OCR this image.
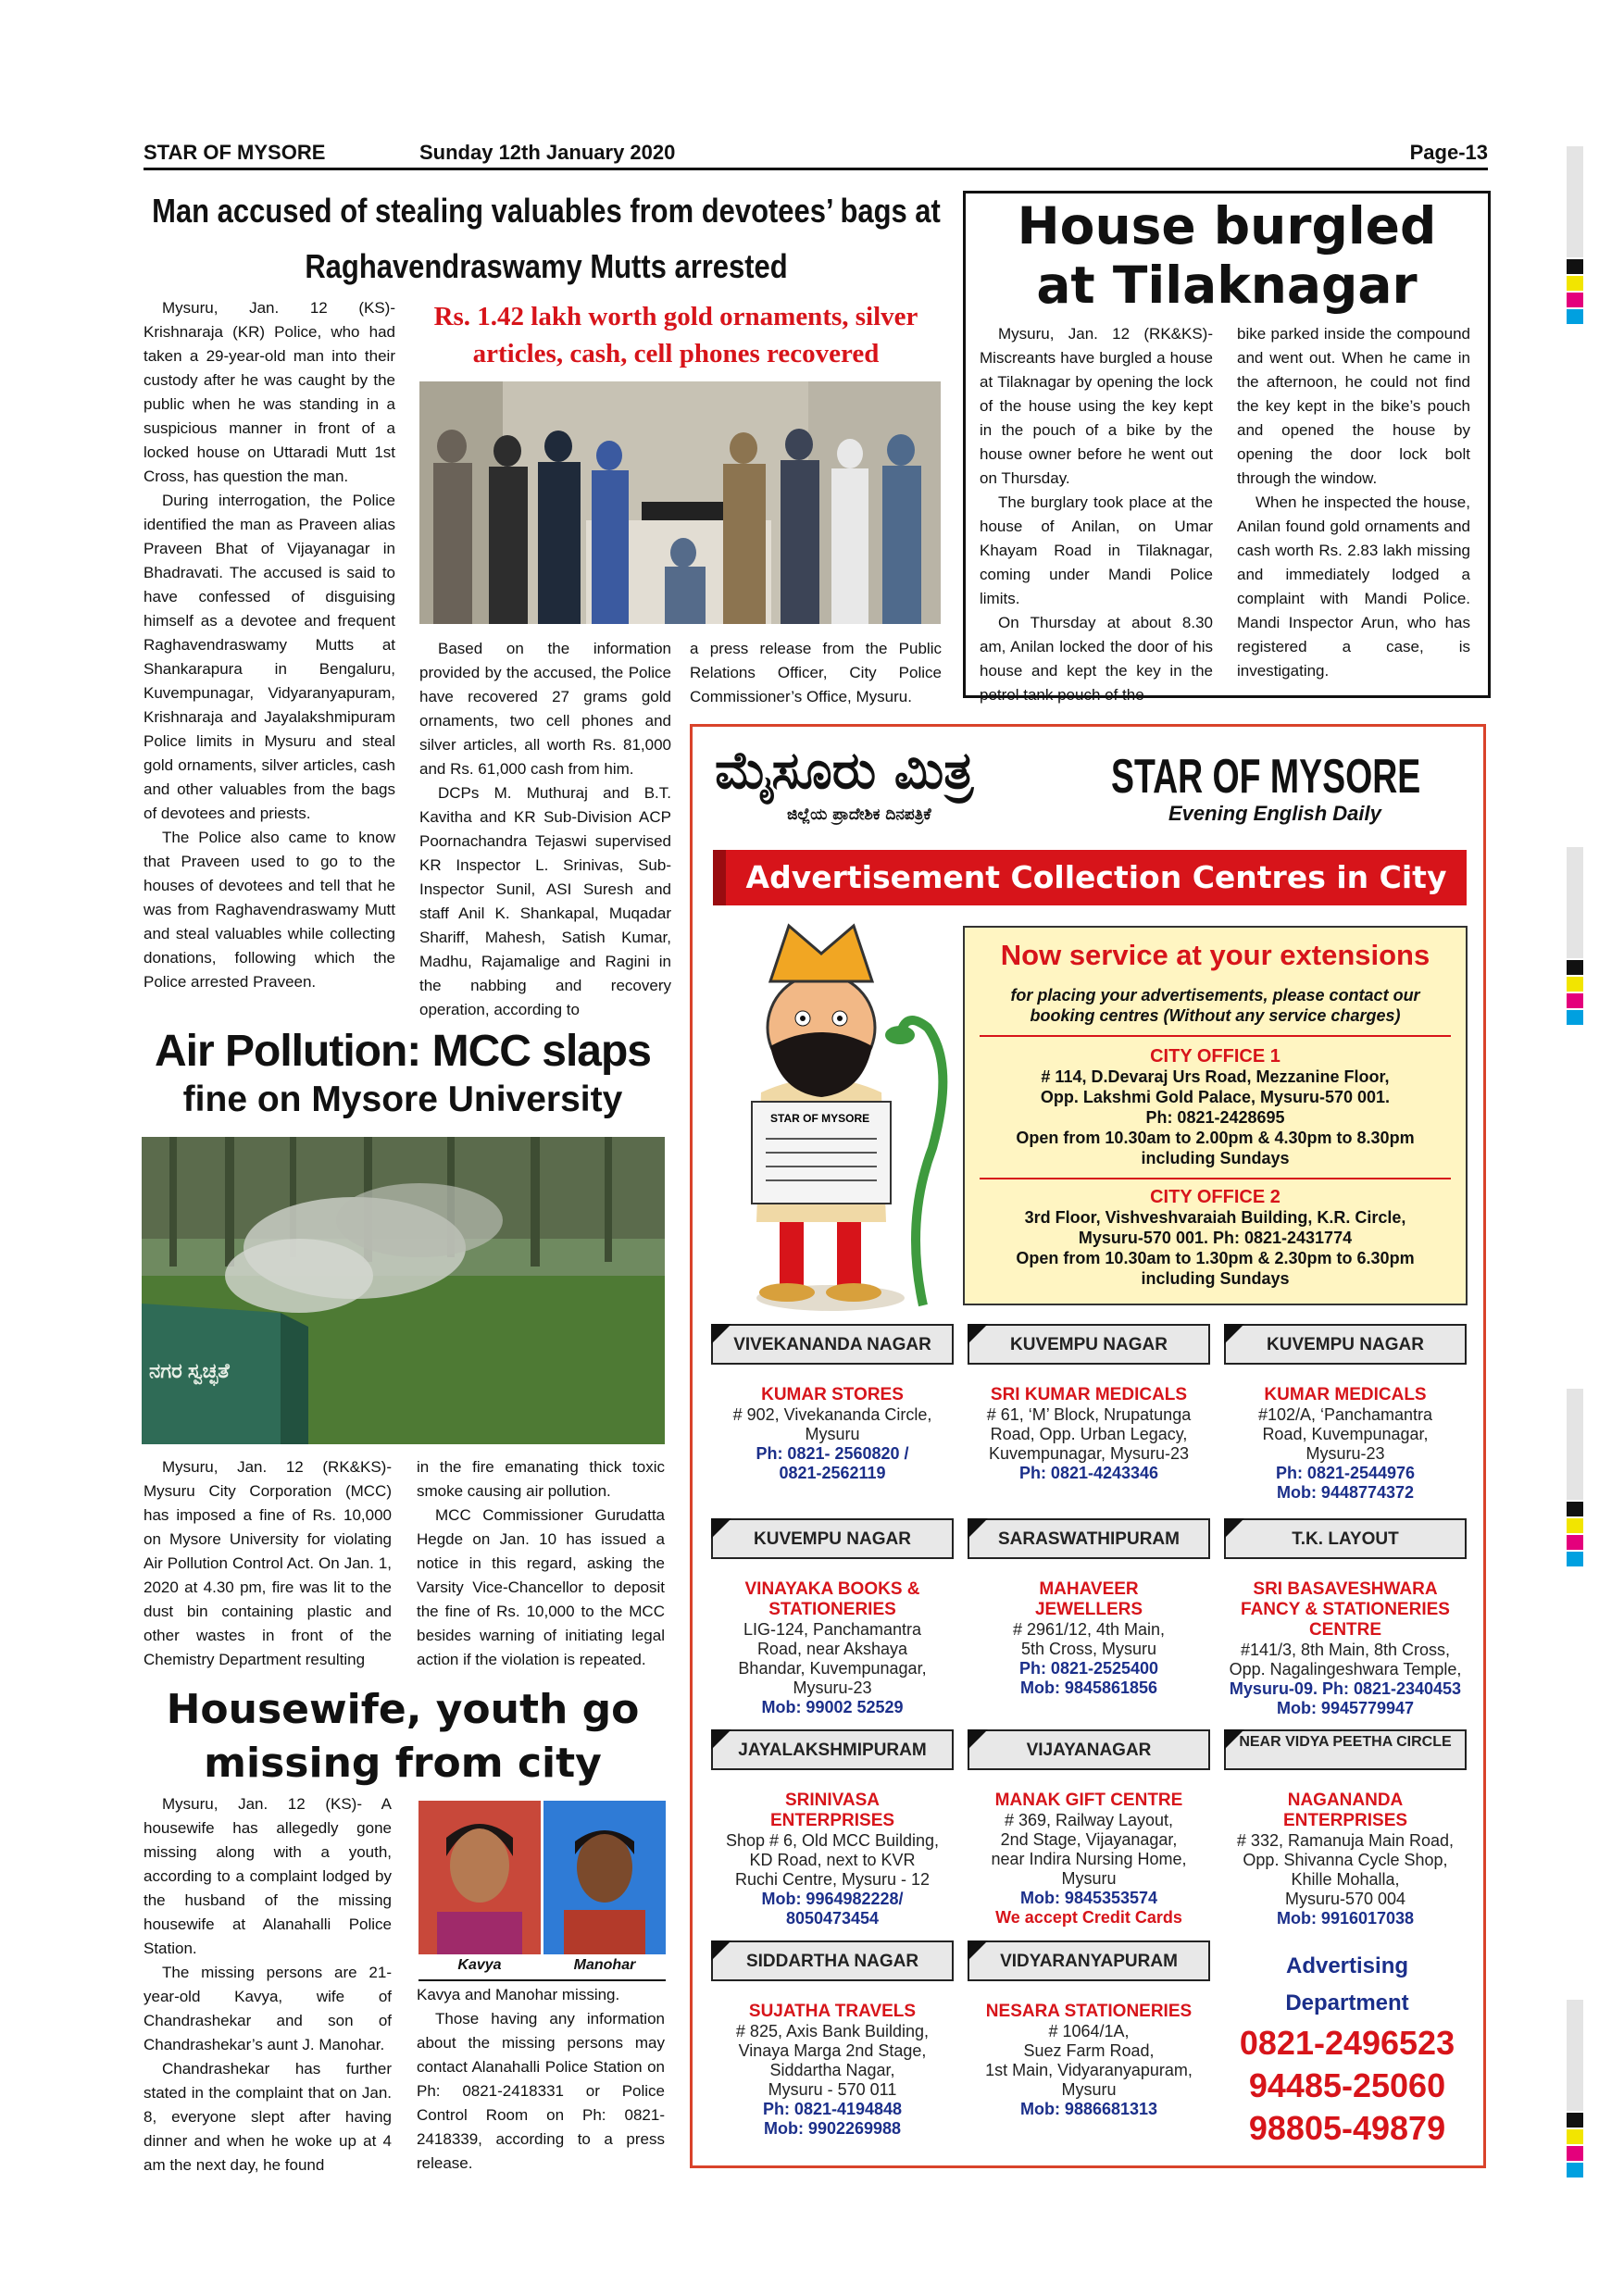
STAR OF MYSORE	Sunday 12th January 2020	Page-13
Man accused of stealing valuables from devotees’ bags at Raghavendraswamy Mutts arrested
Rs. 1.42 lakh worth gold ornaments, silver articles, cash, cell phones recovered

Mysuru, Jan. 12 (KS)- Krishnaraja (KR) Police, who had taken a 29-year-old man into their custody after he was caught by the public when he was standing in a suspicious manner in front of a locked house on Uttaradi Mutt 1st Cross, has question the man.

During interrogation, the Police identified the man as Praveen alias Praveen Bhat of Vijayanagar in Bhadravati. The accused is said to have confessed of disguising himself as a devotee and frequent Raghavendraswamy Mutts at Shankarapura in Bengaluru, Kuvempunagar, Vidyaranyapuram, Krishnaraja and Jayalakshmipuram Police limits in Mysuru and steal gold ornaments, silver articles, cash and other valuables from the bags of devotees and priests.

The Police also came to know that Praveen used to go to the houses of devotees and tell that he was from Raghavendraswamy Mutt and steal valuables while collecting donations, following which the Police arrested Praveen.

Based on the information provided by the accused, the Police have recovered 27 grams gold ornaments, two cell phones and silver articles, all worth Rs. 81,000 and Rs. 61,000 cash from him.

DCPs M. Muthuraj and B.T. Kavitha and KR Sub-Division ACP Poornachandra Tejaswi supervised KR Inspector L. Srinivas, Sub-Inspector Sunil, ASI Suresh and staff Anil K. Shankapal, Muqadar Shariff, Mahesh, Satish Kumar, Madhu, Rajamalige and Ragini in the nabbing and recovery operation, according to

a press release from the Public Relations Officer, City Police Commissioner’s Office, Mysuru.

House burgled at Tilaknagar

Mysuru, Jan. 12 (RK&KS)- Miscreants have burgled a house at Tilaknagar by opening the lock of the house using the key kept in the pouch of a bike by the house owner before he went out on Thursday.

The burglary took place at the house of Anilan, on Umar Khayam Road in Tilaknagar, coming under Mandi Police limits.

On Thursday at about 8.30 am, Anilan locked the door of his house and kept the key in the petrol tank pouch of the

bike parked inside the compound and went out. When he came in the afternoon, he could not find the key kept in the bike’s pouch and opened the house by opening the door lock bolt through the window.

When he inspected the house, Anilan found gold ornaments and cash worth Rs. 2.83 lakh missing and immediately lodged a complaint with Mandi Police. Mandi Inspector Arun, who has registered a case, is investigating.

Air Pollution: MCC slaps
fine on Mysore University
ನಗರ ಸ್ವಚ್ಛತೆ

Mysuru, Jan. 12 (RK&KS)- Mysuru City Corporation (MCC) has imposed a fine of Rs. 10,000 on Mysore University for violating Air Pollution Control Act. On Jan. 1, 2020 at 4.30 pm, fire was lit to the dust bin containing plastic and other wastes in front of the Chemistry Department resulting

in the fire emanating thick toxic smoke causing air pollution.

MCC Commissioner Gurudatta Hegde on Jan. 10 has issued a notice in this regard, asking the Varsity Vice-Chancellor to deposit the fine of Rs. 10,000 to the MCC besides warning of initiating legal action if the violation is repeated.

Housewife, youth go missing from city

Mysuru, Jan. 12 (KS)- A housewife has allegedly gone missing along with a youth, according to a complaint lodged by the husband of the missing housewife at Alanahalli Police Station.

The missing persons are 21-year-old Kavya, wife of Chandrashekar and son of Chandrashekar’s aunt J. Manohar.

Chandrashekar has further stated in the complaint that on Jan. 8, everyone slept after having dinner and when he woke up at 4 am the next day, he found

Kavya	Manohar

Kavya and Manohar missing.

Those having any information about the missing persons may contact Alanahalli Police Station on Ph: 0821-2418331 or Police Control Room on Ph: 0821-2418339, according to a press release.

ಮೈಸೂರು ಮಿತ್ರ
ಜಿಲ್ಲೆಯ ಪ್ರಾದೇಶಿಕ ದಿನಪತ್ರಿಕೆ
STAR OF MYSORE
Evening English Daily
Advertisement Collection Centres in City
STAR OF MYSORE
Now service at your extensions
for placing your advertisements, please contact our
booking centres (Without any service charges)
CITY OFFICE 1
# 114, D.Devaraj Urs Road, Mezzanine Floor,
Opp. Lakshmi Gold Palace, Mysuru-570 001.
Ph: 0821-2428695
Open from 10.30am to 2.00pm & 4.30pm to 8.30pm
including Sundays
CITY OFFICE 2
3rd Floor, Vishveshvaraiah Building, K.R. Circle,
Mysuru-570 001. Ph: 0821-2431774
Open from 10.30am to 1.30pm & 2.30pm to 6.30pm
including Sundays
VIVEKANANDA NAGAR
KUMAR STORES
# 902, Vivekananda Circle,
Mysuru
Ph: 0821- 2560820 /
0821-2562119
KUVEMPU NAGAR
SRI KUMAR MEDICALS
# 61, ‘M’ Block, Nrupatunga
Road, Opp. Urban Legacy,
Kuvempunagar, Mysuru-23
Ph: 0821-4243346
KUVEMPU NAGAR
KUMAR MEDICALS
#102/A, ‘Panchamantra
Road, Kuvempunagar,
Mysuru-23
Ph: 0821-2544976
Mob: 9448774372
KUVEMPU NAGAR
VINAYAKA BOOKS &
STATIONERIES
LIG-124, Panchamantra
Road, near Akshaya
Bhandar, Kuvempunagar,
Mysuru-23
Mob: 99002 52529
SARASWATHIPURAM
MAHAVEER
JEWELLERS
# 2961/12, 4th Main,
5th Cross, Mysuru
Ph: 0821-2525400
Mob: 9845861856
T.K. LAYOUT
SRI BASAVESHWARA
FANCY & STATIONERIES
CENTRE
#141/3, 8th Main, 8th Cross,
Opp. Nagalingeshwara Temple,
Mysuru-09. Ph: 0821-2340453
Mob: 9945779947
JAYALAKSHMIPURAM
SRINIVASA
ENTERPRISES
Shop # 6, Old MCC Building,
KD Road, next to KVR
Ruchi Centre, Mysuru - 12
Mob: 9964982228/
8050473454
VIJAYANAGAR
MANAK GIFT CENTRE
# 369, Railway Layout,
2nd Stage, Vijayanagar,
near Indira Nursing Home,
Mysuru
Mob: 9845353574
We accept Credit Cards
NEAR VIDYA PEETHA CIRCLE
NAGANANDA
ENTERPRISES
# 332, Ramanuja Main Road,
Opp. Shivanna Cycle Shop,
Khille Mohalla,
Mysuru-570 004
Mob: 9916017038
SIDDARTHA NAGAR
SUJATHA TRAVELS
# 825, Axis Bank Building,
Vinaya Marga 2nd Stage,
Siddartha Nagar,
Mysuru - 570 011
Ph: 0821-4194848
Mob: 9902269988
VIDYARANYAPURAM
NESARA STATIONERIES
# 1064/1A,
Suez Farm Road,
1st Main, Vidyaranyapuram,
Mysuru
Mob: 9886681313
Advertising Department
0821-2496523
94485-25060
98805-49879
